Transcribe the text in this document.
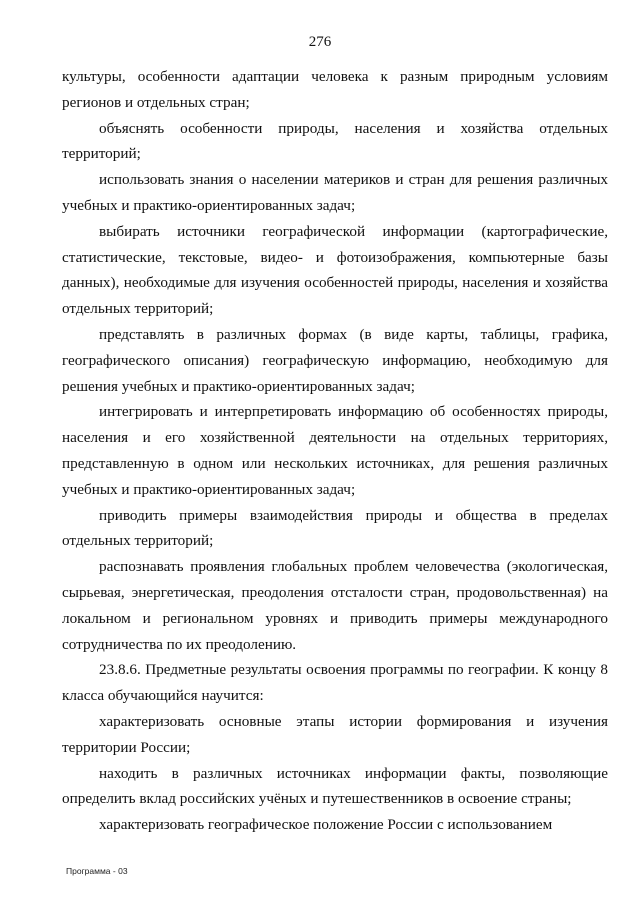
276

культуры, особенности адаптации человека к разным природным условиям регионов и отдельных стран;

объяснять особенности природы, населения и хозяйства отдельных территорий;

использовать знания о населении материков и стран для решения различных учебных и практико-ориентированных задач;

выбирать источники географической информации (картографические, статистические, текстовые, видео- и фотоизображения, компьютерные базы данных), необходимые для изучения особенностей природы, населения и хозяйства отдельных территорий;

представлять в различных формах (в виде карты, таблицы, графика, географического описания) географическую информацию, необходимую для решения учебных и практико-ориентированных задач;

интегрировать и интерпретировать информацию об особенностях природы, населения и его хозяйственной деятельности на отдельных территориях, представленную в одном или нескольких источниках, для решения различных учебных и практико-ориентированных задач;

приводить примеры взаимодействия природы и общества в пределах отдельных территорий;

распознавать проявления глобальных проблем человечества (экологическая, сырьевая, энергетическая, преодоления отсталости стран, продовольственная) на локальном и региональном уровнях и приводить примеры международного сотрудничества по их преодолению.

23.8.6. Предметные результаты освоения программы по географии. К концу 8 класса обучающийся научится:

характеризовать основные этапы истории формирования и изучения территории России;

находить в различных источниках информации факты, позволяющие определить вклад российских учёных и путешественников в освоение страны;

характеризовать географическое положение России с использованием

Программа - 03
